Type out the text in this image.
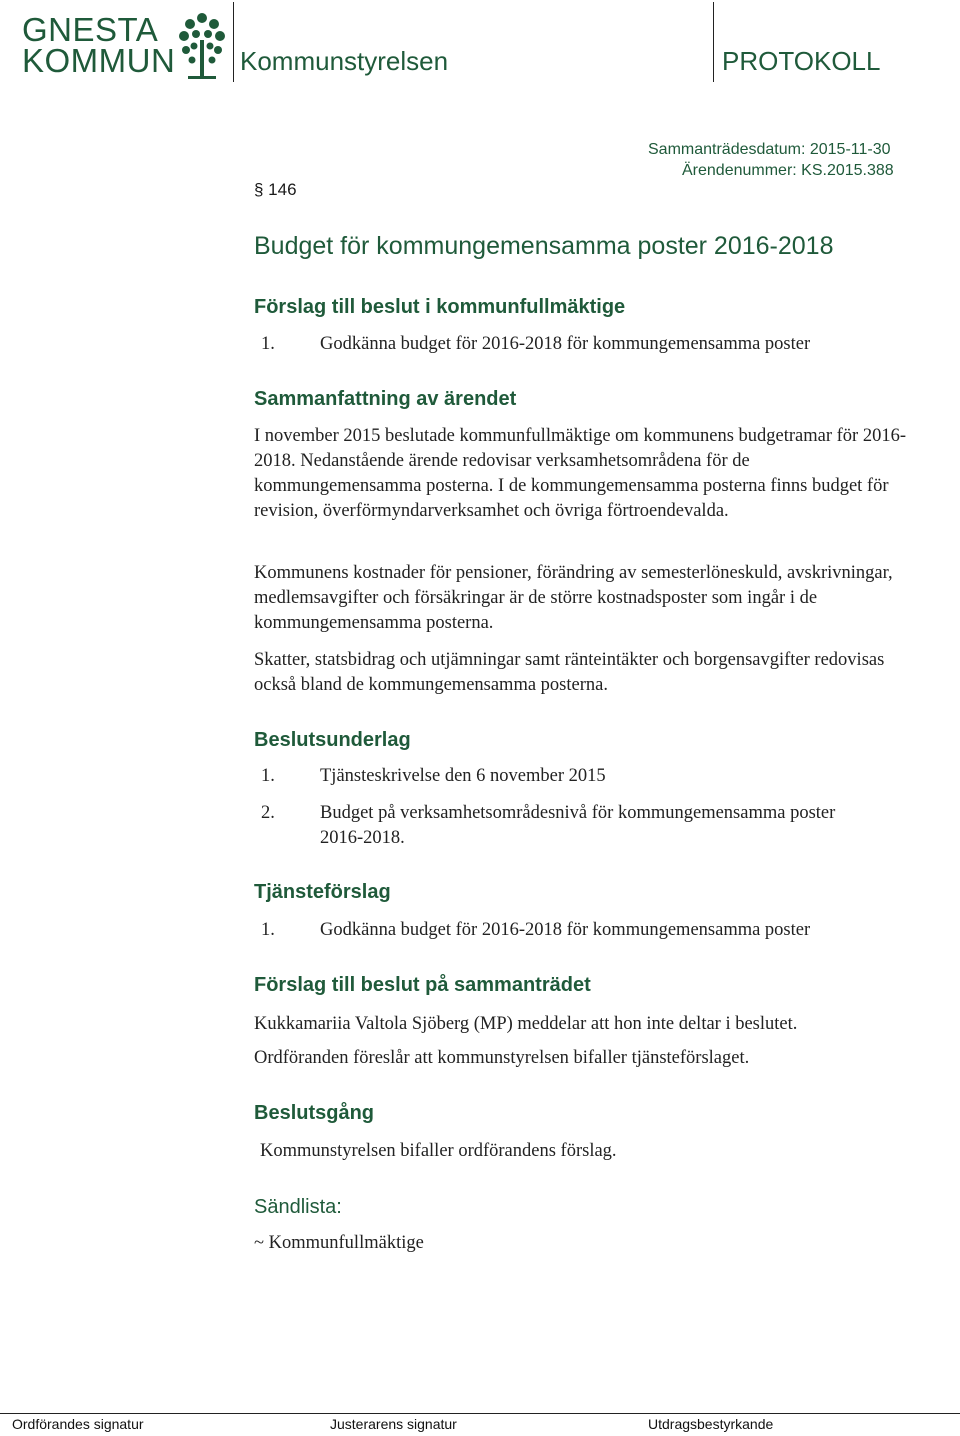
GNESTA
KOMMUN Kommunstyrelsen	PROTOKOLL
Sammanträdesdatum: 2015-11-30
Ärendenummer: KS.2015.388
§ 146
Budget för kommungemensamma poster 2016-2018
Förslag till beslut i kommunfullmäktige
1. Godkänna budget för 2016-2018 för kommungemensamma poster
Sammanfattning av ärendet
I november 2015 beslutade kommunfullmäktige om kommunens budgetramar för 2016-2018. Nedanstående ärende redovisar verksamhetsområdena för de kommungemensamma posterna. I de kommungemensamma posterna finns budget för revision, överförmyndarverksamhet och övriga förtroendevalda.
Kommunens kostnader för pensioner, förändring av semesterlöneskuld, avskrivningar, medlemsavgifter och försäkringar är de större kostnadsposter som ingår i de kommungemensamma posterna.
Skatter, statsbidrag och utjämningar samt ränteintäkter och borgensavgifter redovisas också bland de kommungemensamma posterna.
Beslutsunderlag
1. Tjänsteskrivelse den 6 november 2015
2. Budget på verksamhetsområdesnivå för kommungemensamma poster 2016-2018.
Tjänsteförslag
1. Godkänna budget för 2016-2018 för kommungemensamma poster
Förslag till beslut på sammanträdet
Kukkamariia Valtola Sjöberg (MP) meddelar att hon inte deltar i beslutet.
Ordföranden föreslår att kommunstyrelsen bifaller tjänsteförslaget.
Beslutsgång
Kommunstyrelsen bifaller ordförandens förslag.
Sändlista:
~ Kommunfullmäktige
Ordförandes signatur	Justerarens signatur	Utdragsbestyrkande
